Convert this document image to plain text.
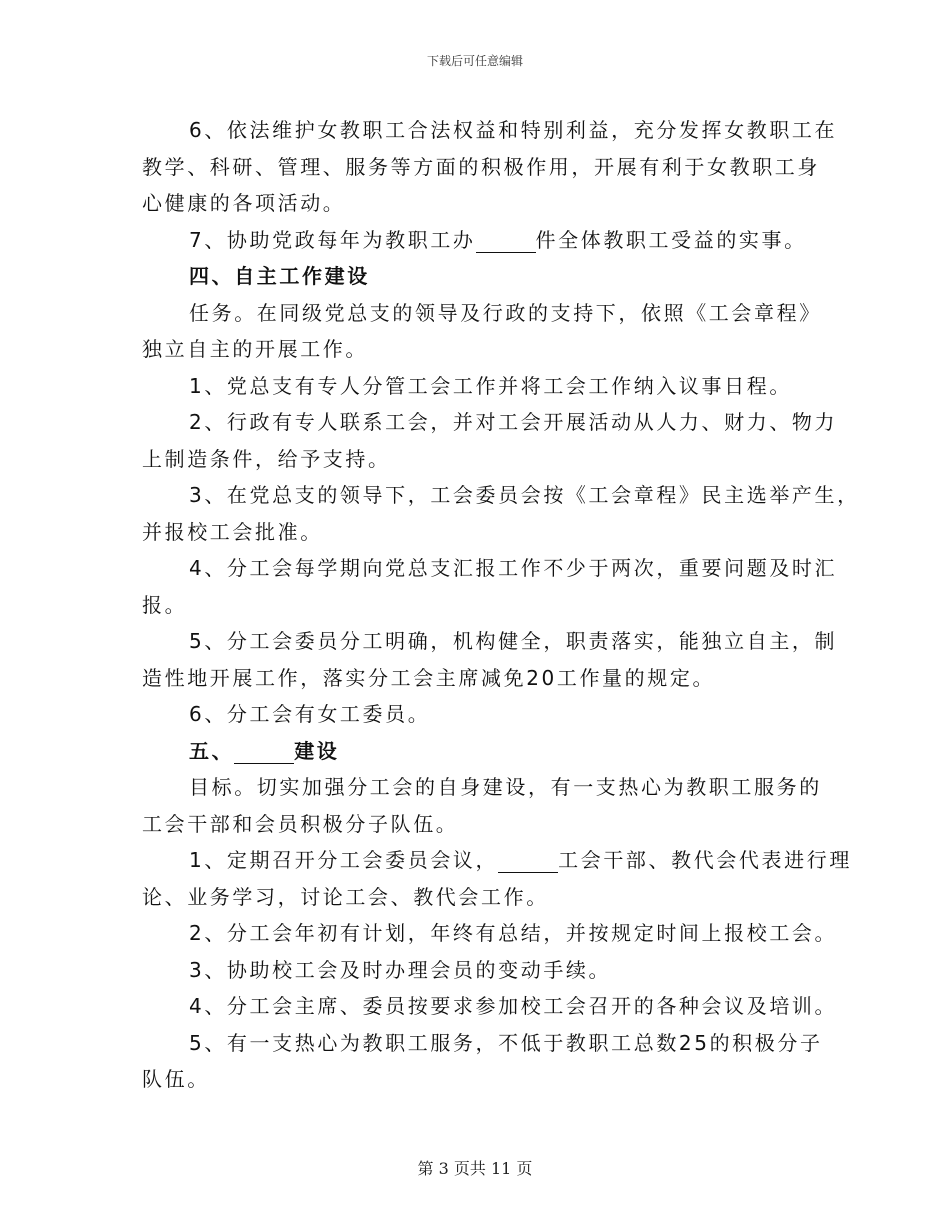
下载后可任意编辑
6、依法维护女教职工合法权益和特别利益，充分发挥女教职工在
教学、科研、管理、服务等方面的积极作用，开展有利于女教职工身
心健康的各项活动。
7、协助党政每年为教职工办	件全体教职工受益的实事。
四、自主工作建设
任务。在同级党总支的领导及行政的支持下，依照《工会章程》
独立自主的开展工作。
1、党总支有专人分管工会工作并将工会工作纳入议事日程。
2、行政有专人联系工会，并对工会开展活动从人力、财力、物力
上制造条件，给予支持。
3、在党总支的领导下，工会委员会按《工会章程》民主选举产生，
并报校工会批准。
4、分工会每学期向党总支汇报工作不少于两次，重要问题及时汇
报。
5、分工会委员分工明确，机构健全，职责落实，能独立自主，制
造性地开展工作，落实分工会主席减免20工作量的规定。
6、分工会有女工委员。
五、	建设
目标。切实加强分工会的自身建设，有一支热心为教职工服务的
工会干部和会员积极分子队伍。
1、定期召开分工会委员会议，	工会干部、教代会代表进行理
论、业务学习，讨论工会、教代会工作。
2、分工会年初有计划，年终有总结，并按规定时间上报校工会。
3、协助校工会及时办理会员的变动手续。
4、分工会主席、委员按要求参加校工会召开的各种会议及培训。
5、有一支热心为教职工服务，不低于教职工总数25的积极分子
队伍。
第 3 页共 11 页
